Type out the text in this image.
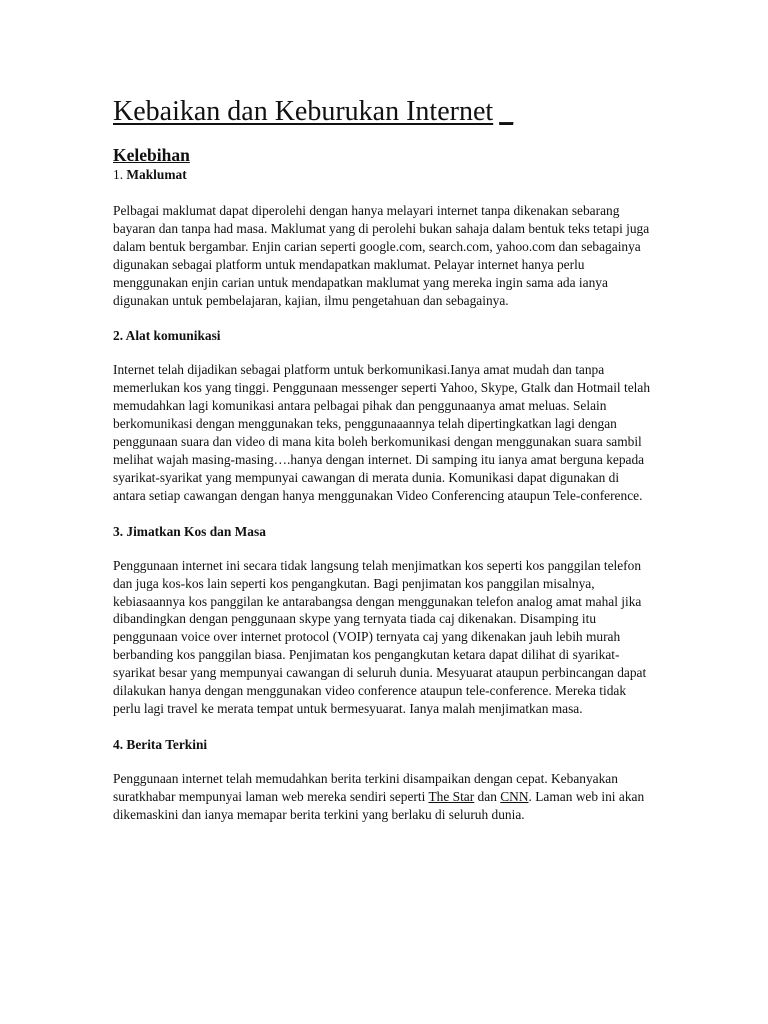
Kebaikan dan Keburukan Internet _
Kelebihan
1. Maklumat

Pelbagai maklumat dapat diperolehi dengan hanya melayari internet tanpa dikenakan sebarang bayaran dan tanpa had masa. Maklumat yang di perolehi bukan sahaja dalam bentuk teks tetapi juga dalam bentuk bergambar. Enjin carian seperti google.com, search.com, yahoo.com dan sebagainya digunakan sebagai platform untuk mendapatkan maklumat. Pelayar internet hanya perlu menggunakan enjin carian untuk mendapatkan maklumat yang mereka ingin sama ada ianya digunakan untuk pembelajaran, kajian, ilmu pengetahuan dan sebagainya.

2. Alat komunikasi

Internet telah dijadikan sebagai platform untuk berkomunikasi.Ianya amat mudah dan tanpa memerlukan kos yang tinggi. Penggunaan messenger seperti Yahoo, Skype, Gtalk dan Hotmail telah memudahkan lagi komunikasi antara pelbagai pihak dan penggunaanya amat meluas. Selain berkomunikasi dengan menggunakan teks, penggunaaannya telah dipertingkatkan lagi dengan penggunaan suara dan video di mana kita boleh berkomunikasi dengan menggunakan suara sambil melihat wajah masing-masing….hanya dengan internet. Di samping itu ianya amat berguna kepada syarikat-syarikat yang mempunyai cawangan di merata dunia. Komunikasi dapat digunakan di antara setiap cawangan dengan hanya menggunakan Video Conferencing ataupun Tele-conference.

3. Jimatkan Kos dan Masa

Penggunaan internet ini secara tidak langsung telah menjimatkan kos seperti kos panggilan telefon dan juga kos-kos lain seperti kos pengangkutan. Bagi penjimatan kos panggilan misalnya, kebiasaannya kos panggilan ke antarabangsa dengan menggunakan telefon analog amat mahal jika dibandingkan dengan penggunaan skype yang ternyata tiada caj dikenakan. Disamping itu penggunaan voice over internet protocol (VOIP) ternyata caj yang dikenakan jauh lebih murah berbanding kos panggilan biasa. Penjimatan kos pengangkutan ketara dapat dilihat di syarikat-syarikat besar yang mempunyai cawangan di seluruh dunia. Mesyuarat ataupun perbincangan dapat dilakukan hanya dengan menggunakan video conference ataupun tele-conference. Mereka tidak perlu lagi travel ke merata tempat untuk bermesyuarat. Ianya malah menjimatkan masa.

4. Berita Terkini

Penggunaan internet telah memudahkan berita terkini disampaikan dengan cepat. Kebanyakan suratkhabar mempunyai laman web mereka sendiri seperti The Star dan CNN. Laman web ini akan dikemaskini dan ianya memapar berita terkini yang berlaku di seluruh dunia.
